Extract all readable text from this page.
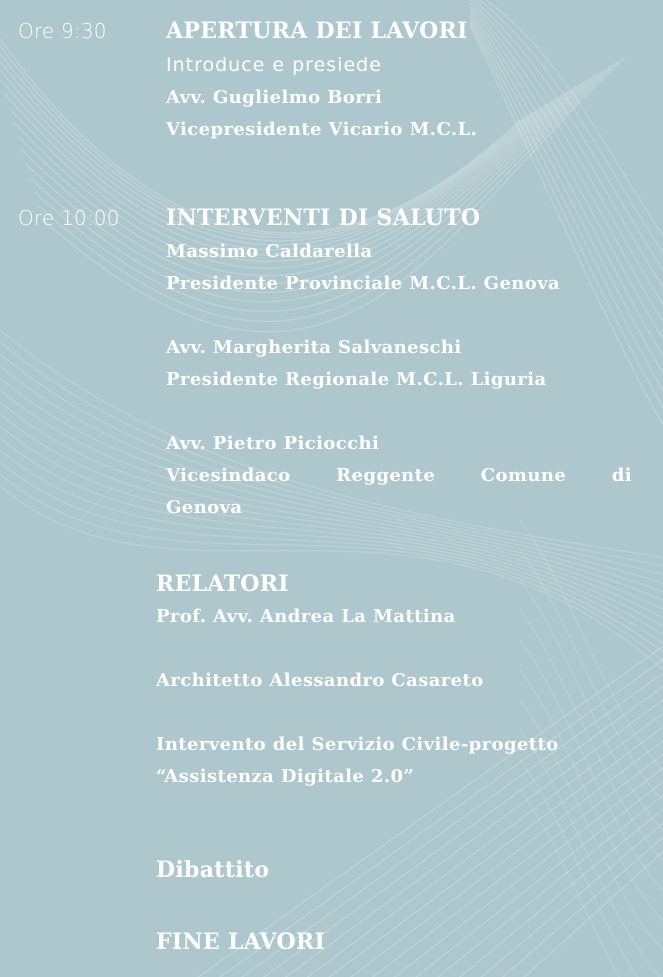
Ore 9:30	APERTURA DEI LAVORI
Introduce e presiede
Avv. Guglielmo Borri
Vicepresidente Vicario M.C.L.
Ore 10:00 INTERVENTI DI SALUTO
Massimo Caldarella
Presidente Provinciale M.C.L. Genova
Avv. Margherita Salvaneschi
Presidente Regionale M.C.L. Liguria
Avv. Pietro Piciocchi
Vicesindaco	Reggente	Comune	di
Genova
RELATORI
Prof. Avv. Andrea La Mattina
Architetto Alessandro Casareto
Intervento del Servizio Civile-progetto
“Assistenza Digitale 2.0”
Dibattito
FINE LAVORI
